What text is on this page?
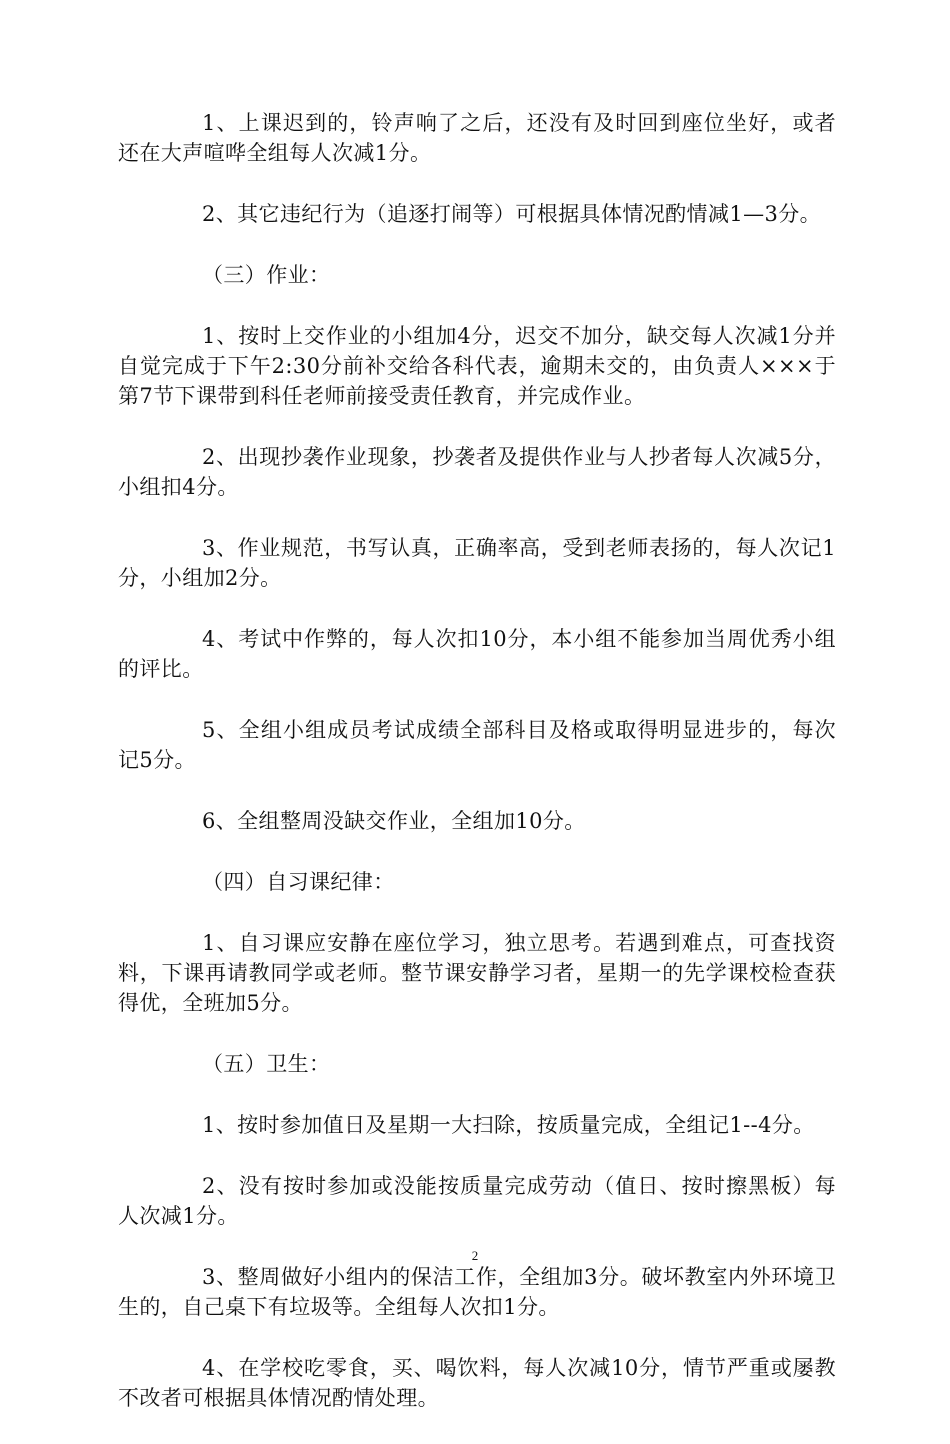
1、上课迟到的，铃声响了之后，还没有及时回到座位坐好，或者还在大声喧哗全组每人次减1分。

2、其它违纪行为（追逐打闹等）可根据具体情况酌情减1—3分。

（三）作业：

1、按时上交作业的小组加4分，迟交不加分，缺交每人次减1分并自觉完成于下午2:30分前补交给各科代表，逾期未交的，由负责人×××于第7节下课带到科任老师前接受责任教育，并完成作业。

2、出现抄袭作业现象，抄袭者及提供作业与人抄者每人次减5分，小组扣4分。

3、作业规范，书写认真，正确率高，受到老师表扬的，每人次记1分，小组加2分。

4、考试中作弊的，每人次扣10分，本小组不能参加当周优秀小组的评比。

5、全组小组成员考试成绩全部科目及格或取得明显进步的，每次记5分。

6、全组整周没缺交作业，全组加10分。

（四）自习课纪律：

1、自习课应安静在座位学习，独立思考。若遇到难点，可查找资料，下课再请教同学或老师。整节课安静学习者，星期一的先学课校检查获得优，全班加5分。

（五）卫生：

1、按时参加值日及星期一大扫除，按质量完成，全组记1--4分。

2、没有按时参加或没能按质量完成劳动（值日、按时擦黑板）每人次减1分。

3、整周做好小组内的保洁工作，全组加3分。破坏教室内外环境卫生的，自己桌下有垃圾等。全组每人次扣1分。

4、在学校吃零食，买、喝饮料，每人次减10分，情节严重或屡教不改者可根据具体情况酌情处理。

2
